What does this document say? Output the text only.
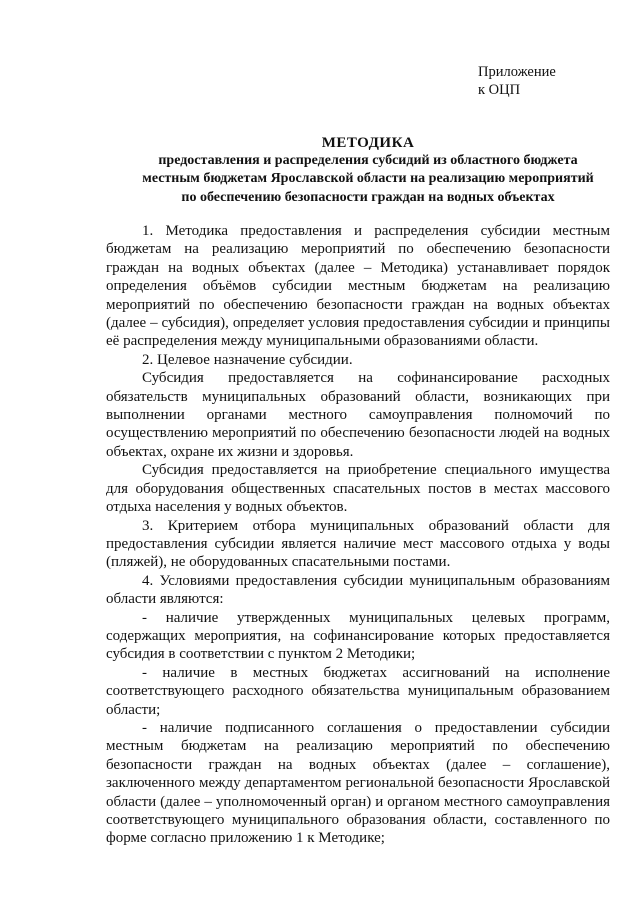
Приложение
к ОЦП
МЕТОДИКА
предоставления и распределения субсидий из областного бюджета
местным бюджетам Ярославской области на реализацию мероприятий
по обеспечению безопасности граждан на водных объектах

1. Методика предоставления и распределения субсидии местным бюджетам на реализацию мероприятий по обеспечению безопасности граждан на водных объектах (далее – Методика) устанавливает порядок определения объёмов субсидии местным бюджетам на реализацию мероприятий по обеспечению безопасности граждан на водных объектах (далее – субсидия), определяет условия предоставления субсидии и принципы её распределения между муниципальными образованиями области.

2. Целевое назначение субсидии.

Субсидия предоставляется на софинансирование расходных обязательств муниципальных образований области, возникающих при выполнении органами местного самоуправления полномочий по осуществлению мероприятий по обеспечению безопасности людей на водных объектах, охране их жизни и здоровья.

Субсидия предоставляется на приобретение специального имущества для оборудования общественных спасательных постов в местах массового отдыха населения у водных объектов.

3. Критерием отбора муниципальных образований области для предоставления субсидии является наличие мест массового отдыха у воды (пляжей), не оборудованных спасательными постами.

4. Условиями предоставления субсидии муниципальным образованиям области являются:

- наличие утвержденных муниципальных целевых программ, содержащих мероприятия, на софинансирование которых предоставляется субсидия в соответствии с пунктом 2 Методики;

- наличие в местных бюджетах ассигнований на исполнение соответствующего расходного обязательства муниципальным образованием области;

- наличие подписанного соглашения о предоставлении субсидии местным бюджетам на реализацию мероприятий по обеспечению безопасности граждан на водных объектах (далее – соглашение), заключенного между департаментом региональной безопасности Ярославской области (далее – уполномоченный орган) и органом местного самоуправления соответствующего муниципального образования области, составленного по форме согласно приложению 1 к Методике;
